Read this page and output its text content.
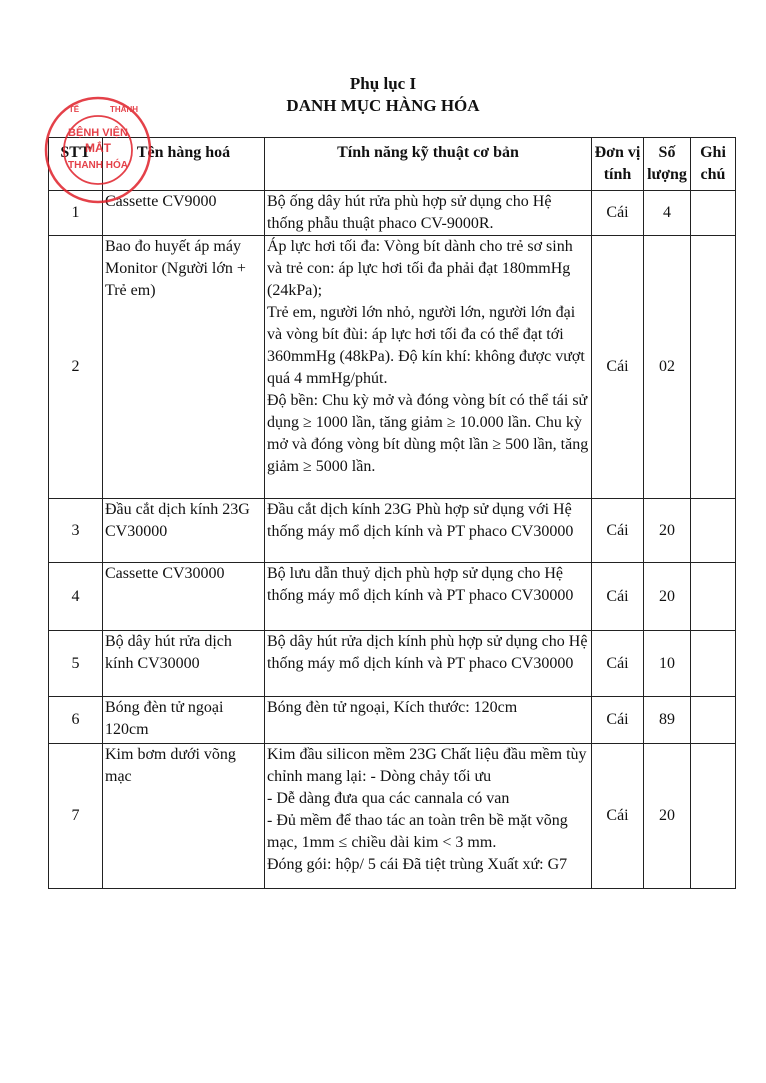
Phụ lục I
DANH MỤC HÀNG HÓA
STT	Tên hàng hoá	Tính năng kỹ thuật cơ bản	Đơn vị tính	Số lượng	Ghi chú
1	Cassette CV9000	Bộ ống dây hút rửa phù hợp sử dụng cho Hệ thống phẫu thuật phaco CV-9000R.	Cái	4	
2	Bao đo huyết áp máy Monitor (Người lớn + Trẻ em)	Áp lực hơi tối đa: Vòng bít dành cho trẻ sơ sinh và trẻ con: áp lực hơi tối đa phải đạt 180mmHg (24kPa);
Trẻ em, người lớn nhỏ, người lớn, người lớn đại và vòng bít đùi: áp lực hơi tối đa có thể đạt tới 360mmHg (48kPa). Độ kín khí: không được vượt quá 4 mmHg/phút.
Độ bền: Chu kỳ mở và đóng vòng bít có thể tái sử dụng ≥ 1000 lần, tăng giảm ≥ 10.000 lần. Chu kỳ mở và đóng vòng bít dùng một lần ≥ 500 lần, tăng giảm ≥ 5000 lần.	Cái	02	
3	Đầu cắt dịch kính 23G CV30000	Đầu cắt dịch kính 23G Phù hợp sử dụng với Hệ thống máy mổ dịch kính và PT phaco CV30000	Cái	20	
4	Cassette CV30000	Bộ lưu dẫn thuỷ dịch phù hợp sử dụng cho Hệ thống máy mổ dịch kính và PT phaco CV30000	Cái	20	
5	Bộ dây hút rửa dịch kính CV30000	Bộ dây hút rửa dịch kính phù hợp sử dụng cho Hệ thống máy mổ dịch kính và PT phaco CV30000	Cái	10	
6	Bóng đèn tử ngoại 120cm	Bóng đèn tử ngoại, Kích thước: 120cm	Cái	89	
7	Kim bơm dưới võng mạc	Kim đầu silicon mềm 23G Chất liệu đầu mềm tùy chỉnh mang lại: - Dòng chảy tối ưu
- Dễ dàng đưa qua các cannala có van
- Đủ mềm để thao tác an toàn trên bề mặt võng mạc, 1mm ≤ chiều dài kim < 3 mm.
Đóng gói: hộp/ 5 cái Đã tiệt trùng Xuất xứ: G7	Cái	20	
BỆNH VIỆN
MẮT
THANH HÓA
TẾ	THANH
